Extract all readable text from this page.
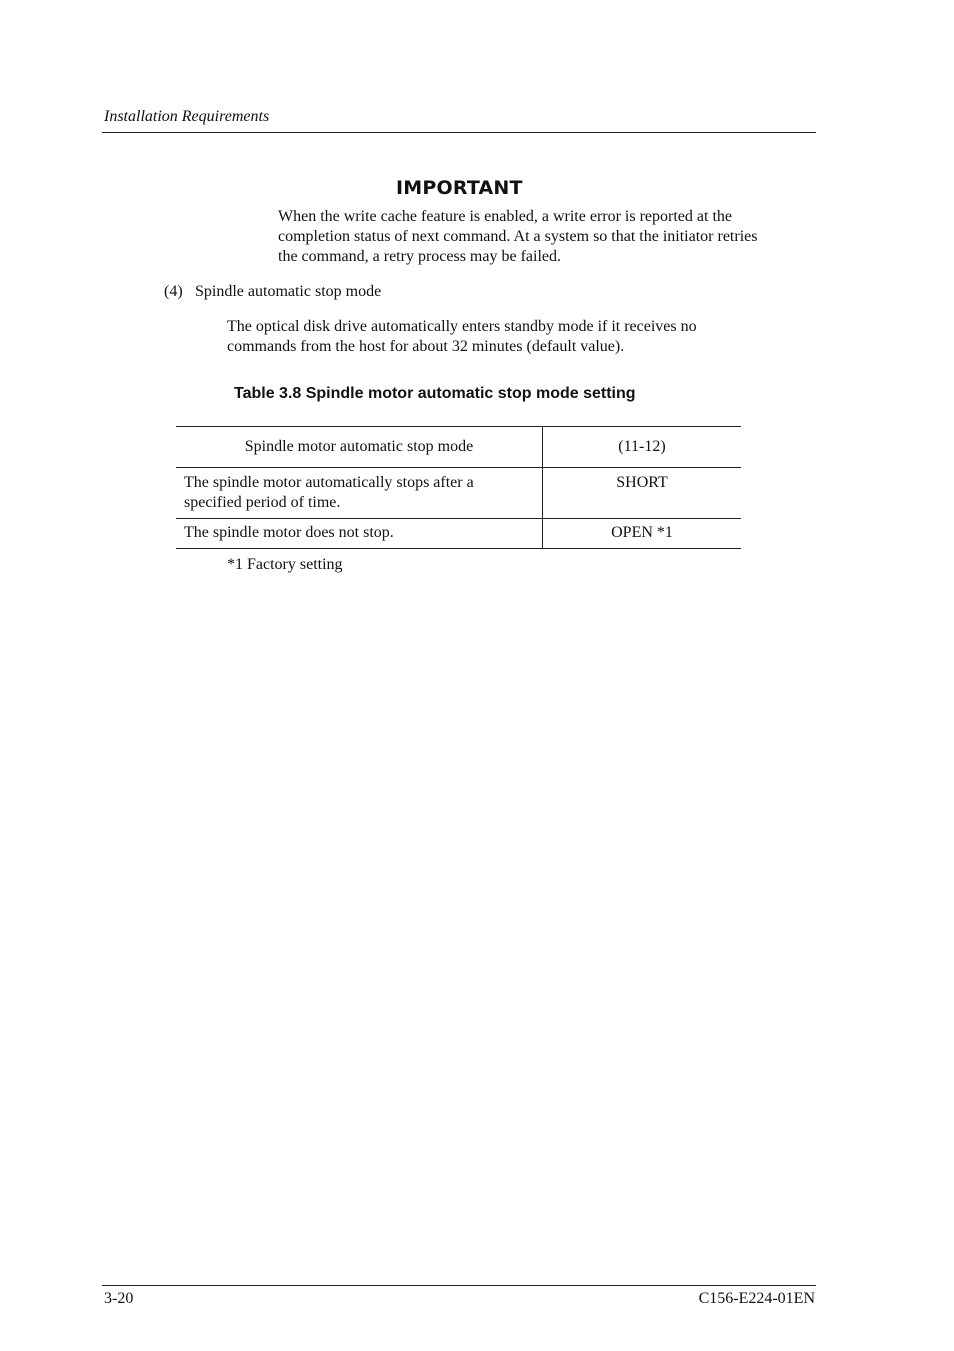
Installation Requirements
IMPORTANT
When the write cache feature is enabled, a write error is reported at the completion status of next command. At a system so that the initiator retries the command, a retry process may be failed.
(4) Spindle automatic stop mode
The optical disk drive automatically enters standby mode if it receives no commands from the host for about 32 minutes (default value).
Table 3.8 Spindle motor automatic stop mode setting
Spindle motor automatic stop mode	(11-12)

The spindle motor automatically stops after a specified period of time.	SHORT

The spindle motor does not stop.	OPEN *1
*1 Factory setting
3-20	C156-E224-01EN
